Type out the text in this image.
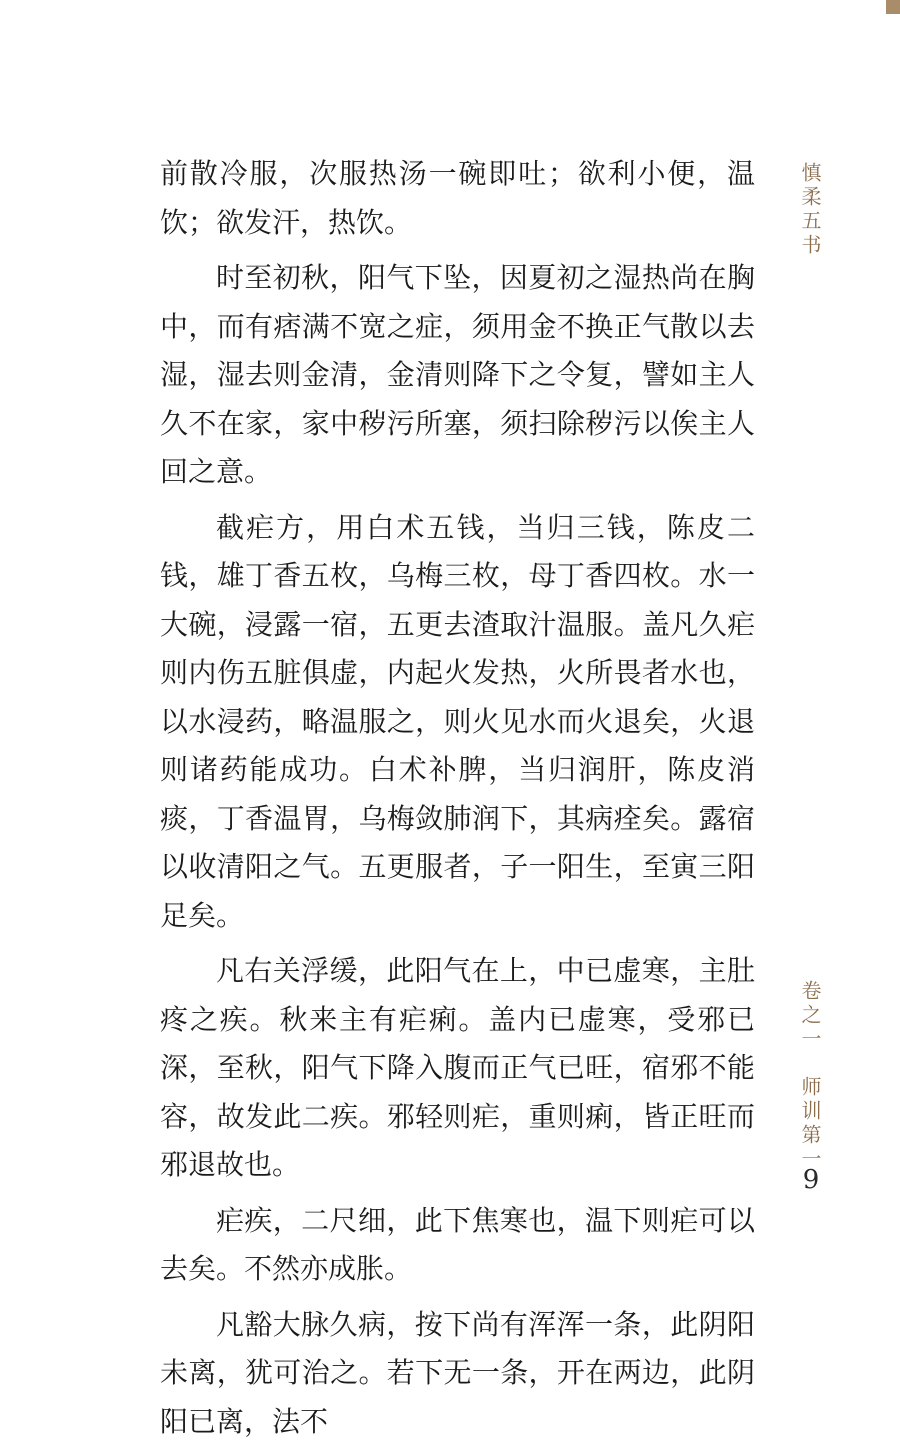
前散冷服，次服热汤一碗即吐；欲利小便，温饮；欲发汗，热饮。

时至初秋，阳气下坠，因夏初之湿热尚在胸中，而有痞满不宽之症，须用金不换正气散以去湿，湿去则金清，金清则降下之令复，譬如主人久不在家，家中秽污所塞，须扫除秽污以俟主人回之意。

截疟方，用白术五钱，当归三钱，陈皮二钱，雄丁香五枚，乌梅三枚，母丁香四枚。水一大碗，浸露一宿，五更去渣取汁温服。盖凡久疟则内伤五脏俱虚，内起火发热，火所畏者水也，以水浸药，略温服之，则火见水而火退矣，火退则诸药能成功。白术补脾，当归润肝，陈皮消痰，丁香温胃，乌梅敛肺润下，其病痊矣。露宿以收清阳之气。五更服者，子一阳生，至寅三阳足矣。

凡右关浮缓，此阳气在上，中已虚寒，主肚疼之疾。秋来主有疟痢。盖内已虚寒，受邪已深，至秋，阳气下降入腹而正气已旺，宿邪不能容，故发此二疾。邪轻则疟，重则痢，皆正旺而邪退故也。

疟疾，二尺细，此下焦寒也，温下则疟可以去矣。不然亦成胀。

凡豁大脉久病，按下尚有浑浑一条，此阴阳未离，犹可治之。若下无一条，开在两边，此阴阳已离，法不

慎柔五书
卷之一　师训第一
9
